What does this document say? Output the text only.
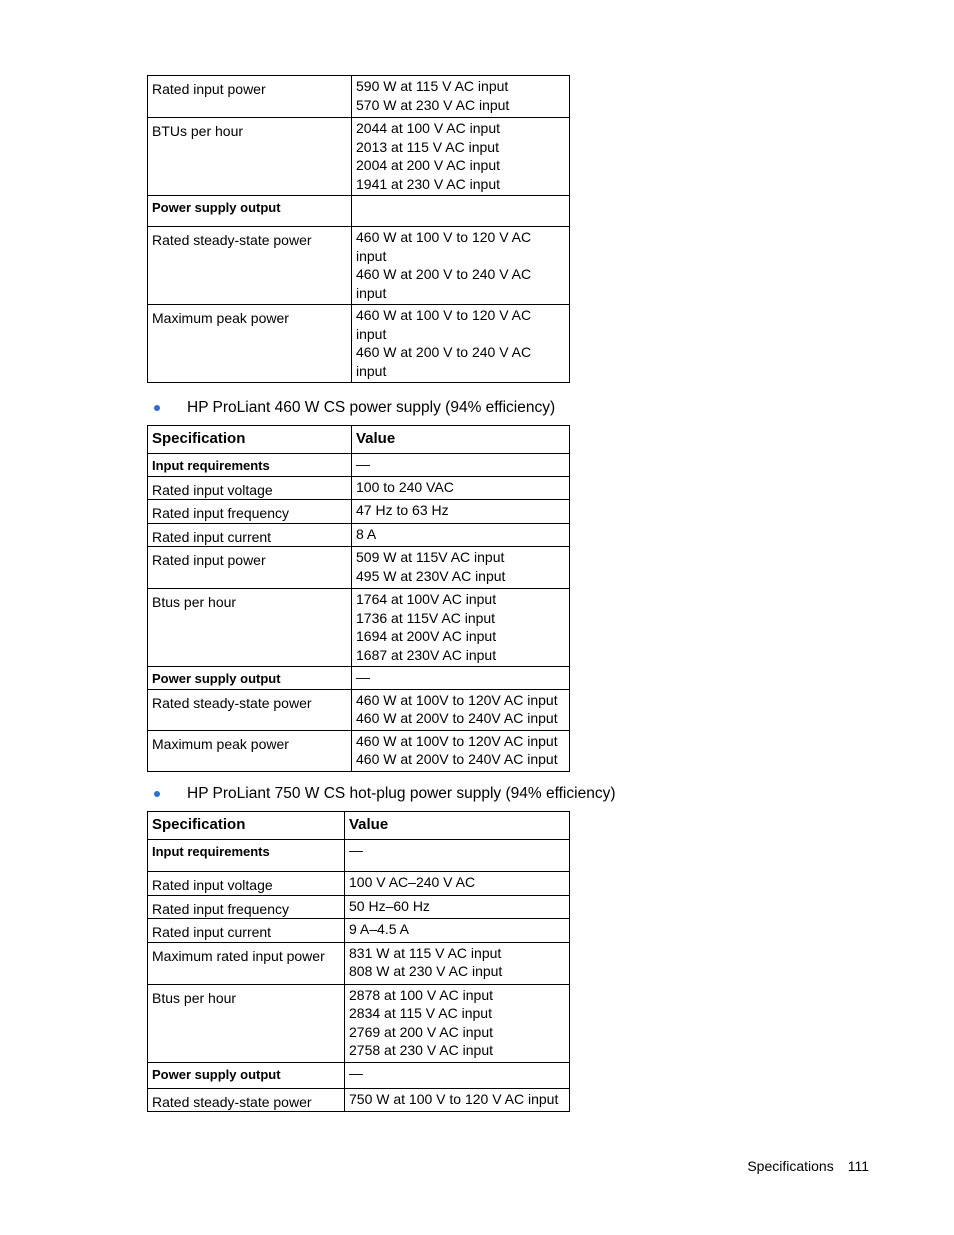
Rated input power	590 W at 115 V AC input
570 W at 230 V AC input

BTUs per hour	2044 at 100 V AC input
2013 at 115 V AC input
2004 at 200 V AC input
1941 at 230 V AC input

Power supply output	
Rated steady-state power	460 W at 100 V to 120 V AC
input
460 W at 200 V to 240 V AC
input

Maximum peak power	460 W at 100 V to 120 V AC
input
460 W at 200 V to 240 V AC
input
HP ProLiant 460 W CS power supply (94% efficiency)
Specification	Value
Input requirements	—

Rated input voltage	100 to 240 VAC

Rated input frequency	47 Hz to 63 Hz

Rated input current	8 A

Rated input power	509 W at 115V AC input
495 W at 230V AC input

Btus per hour	1764 at 100V AC input
1736 at 115V AC input
1694 at 200V AC input
1687 at 230V AC input

Power supply output	—

Rated steady-state power	460 W at 100V to 120V AC input
460 W at 200V to 240V AC input

Maximum peak power	460 W at 100V to 120V AC input
460 W at 200V to 240V AC input
HP ProLiant 750 W CS hot-plug power supply (94% efficiency)
Specification	Value
Input requirements	—

Rated input voltage	100 V AC–240 V AC

Rated input frequency	50 Hz–60 Hz

Rated input current	9 A–4.5 A

Maximum rated input power	831 W at 115 V AC input
808 W at 230 V AC input

Btus per hour	2878 at 100 V AC input
2834 at 115 V AC input
2769 at 200 V AC input
2758 at 230 V AC input

Power supply output	—

Rated steady-state power	750 W at 100 V to 120 V AC input
Specifications 111
